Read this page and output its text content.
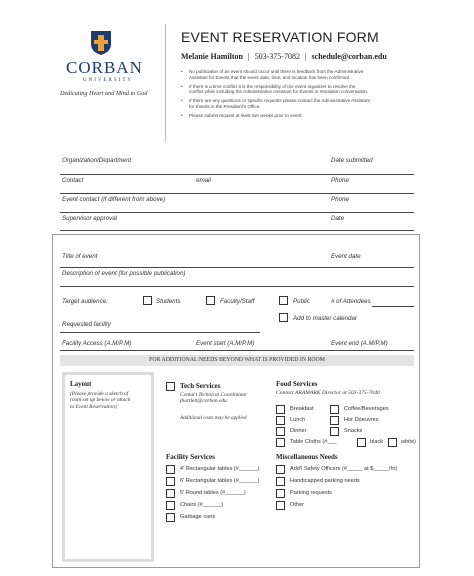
CORBAN
UNIVERSITY
Dedicating Heart and Mind to God
EVENT RESERVATION FORM
Melanie Hamilton | 503-375-7082 | schedule@corban.edu
• No publication of an event should occur until there is feedback from the Administrative
Assistant for Events that the event date, time, and location has been confirmed.
• If there is a time conflict it is the responsibility of the event organizer to resolve the
conflict while including the Administrative Assistant for Events in resolution conversation.
• If there are any questions or specific requests please contact the Administrative Assistant
for Events in the President's Office.
• Please submit request at least two weeks prior to event.
Organization/Department	Date submitted
Contact	email	Phone
Event contact (if different from above)	Phone
Supervisor approval	Date
Title of event	Event date
Description of event (for possible publication)
Target audience:	Students	Faculty/Staff	Public	# of Attendees
Add to master calendar
Requested facility
Facility Access (A.M/P.M)	Event start (A.M/P.M)	Event end (A.M/P.M)
FOR ADDITIONAL NEEDS BEYOND WHAT IS PROVIDED IN ROOM
Layout
(Please provide a sketch of
room set up below or attach
to Event Reservation)
Tech Services
Contact Technical Coordinator
jbartlett@corban.edu
Additional costs may be applied
Food Services
Contact ARAMARK Director at 503-375-7040
Breakfast	Coffee/Beverages
Lunch	Hor Dóeuvres
Dinner	Snacks
Table Cloths (#___	black	white)
Facility Services
4' Rectangular tables (#______)
6' Rectangular tables (#______)
5' Round tables (#______)
Chairs (#______)
Garbage cans
Miscellaneous Needs
Add'l Safety Officers (#_____ at $_____/hr)
Handicapped parking needs
Parking requests
Other
